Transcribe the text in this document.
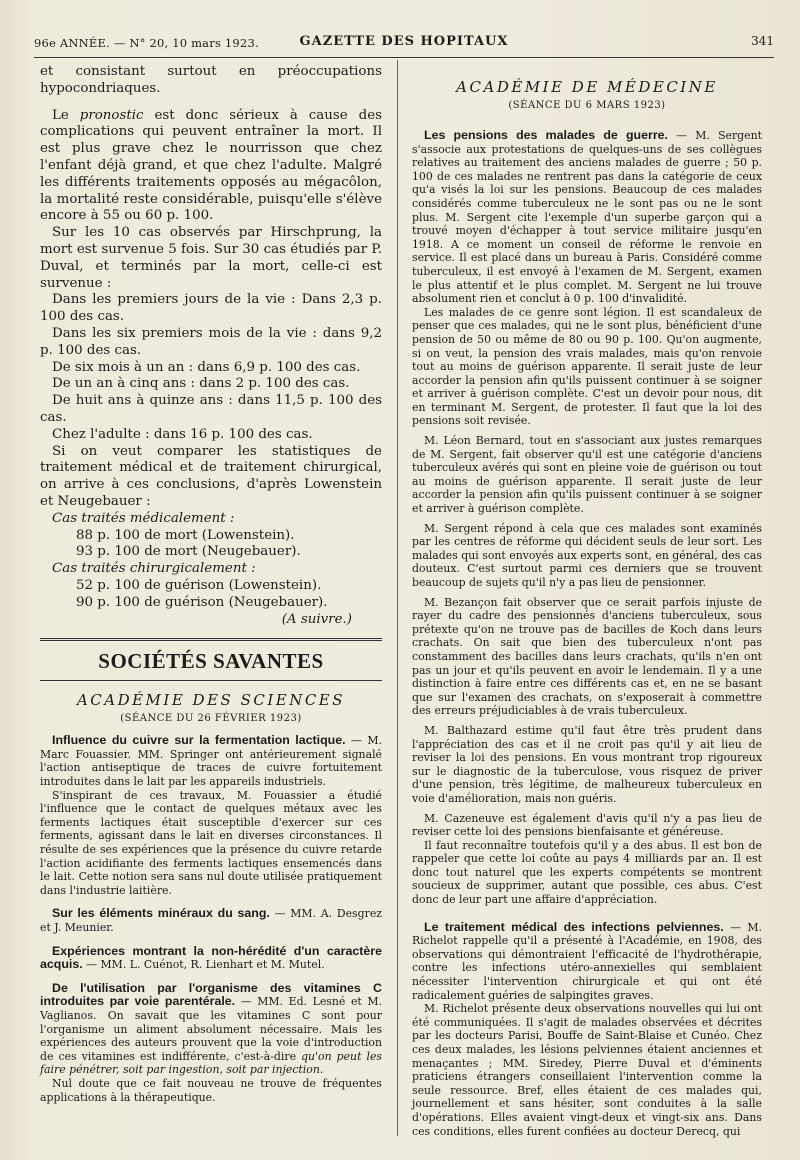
96e ANNÉE. — N° 20, 10 mars 1923.	GAZETTE DES HOPITAUX	341

et consistant surtout en préoccupations hypocondriaques.

Le pronostic est donc sérieux à cause des complications qui peuvent entraîner la mort. Il est plus grave chez le nourrisson que chez l'enfant déjà grand, et que chez l'adulte. Malgré les différents traitements opposés au mégacôlon, la mortalité reste considérable, puisqu'elle s'élève encore à 55 ou 60 p. 100.

Sur les 10 cas observés par Hirschprung, la mort est survenue 5 fois. Sur 30 cas étudiés par P. Duval, et terminés par la mort, celle-ci est survenue :

Dans les premiers jours de la vie : Dans 2,3 p. 100 des cas.

Dans les six premiers mois de la vie : dans 9,2 p. 100 des cas.

De six mois à un an : dans 6,9 p. 100 des cas.

De un an à cinq ans : dans 2 p. 100 des cas.

De huit ans à quinze ans : dans 11,5 p. 100 des cas.

Chez l'adulte : dans 16 p. 100 des cas.

Si on veut comparer les statistiques de traitement médical et de traitement chirurgical, on arrive à ces conclusions, d'après Lowenstein et Neugebauer :

Cas traités médicalement :

88 p. 100 de mort (Lowenstein).

93 p. 100 de mort (Neugebauer).

Cas traités chirurgicalement :

52 p. 100 de guérison (Lowenstein).

90 p. 100 de guérison (Neugebauer).

(A suivre.)

SOCIÉTÉS SAVANTES
ACADÉMIE DES SCIENCES
(SÉANCE DU 26 FÉVRIER 1923)

Influence du cuivre sur la fermentation lactique. — M. Marc Fouassier. MM. Springer ont antérieurement signalé l'action antiseptique de traces de cuivre fortuitement introduites dans le lait par les appareils industriels.

S'inspirant de ces travaux, M. Fouassier a étudié l'influence que le contact de quelques métaux avec les ferments lactiques était susceptible d'exercer sur ces ferments, agissant dans le lait en diverses circonstances. Il résulte de ses expériences que la présence du cuivre retarde l'action acidifiante des ferments lactiques ensemencés dans le lait. Cette notion sera sans nul doute utilisée pratiquement dans l'industrie laitière.

Sur les éléments minéraux du sang. — MM. A. Desgrez et J. Meunier.

Expériences montrant la non-hérédité d'un caractère acquis. — MM. L. Cuénot, R. Lienhart et M. Mutel.

De l'utilisation par l'organisme des vitamines C introduites par voie parentérale. — MM. Ed. Lesné et M. Vaglianos. On savait que les vitamines C sont pour l'organisme un aliment absolument nécessaire. Mais les expériences des auteurs prouvent que la voie d'introduction de ces vitamines est indifférente, c'est-à-dire qu'on peut les faire pénétrer, soit par ingestion, soit par injection.

Nul doute que ce fait nouveau ne trouve de fréquentes applications à la thérapeutique.

ACADÉMIE DE MÉDECINE
(SÉANCE DU 6 MARS 1923)

Les pensions des malades de guerre. — M. Sergent s'associe aux protestations de quelques-uns de ses collègues relatives au traitement des anciens malades de guerre ; 50 p. 100 de ces malades ne rentrent pas dans la catégorie de ceux qu'a visés la loi sur les pensions. Beaucoup de ces malades considérés comme tuberculeux ne le sont pas ou ne le sont plus. M. Sergent cite l'exemple d'un superbe garçon qui a trouvé moyen d'échapper à tout service militaire jusqu'en 1918. A ce moment un conseil de réforme le renvoie en service. Il est placé dans un bureau à Paris. Considéré comme tuberculeux, il est envoyé à l'examen de M. Sergent, examen le plus attentif et le plus complet. M. Sergent ne lui trouve absolument rien et conclut à 0 p. 100 d'invalidité.

Les malades de ce genre sont légion. Il est scandaleux de penser que ces malades, qui ne le sont plus, bénéficient d'une pension de 50 ou même de 80 ou 90 p. 100. Qu'on augmente, si on veut, la pension des vrais malades, mais qu'on renvoie tout au moins de guérison apparente. Il serait juste de leur accorder la pension afin qu'ils puissent continuer à se soigner et arriver à guérison complète. C'est un devoir pour nous, dit en terminant M. Sergent, de protester. Il faut que la loi des pensions soit revisée.

M. Léon Bernard, tout en s'associant aux justes remarques de M. Sergent, fait observer qu'il est une catégorie d'anciens tuberculeux avérés qui sont en pleine voie de guérison ou tout au moins de guérison apparente. Il serait juste de leur accorder la pension afin qu'ils puissent continuer à se soigner et arriver à guérison complète.

M. Sergent répond à cela que ces malades sont examinés par les centres de réforme qui décident seuls de leur sort. Les malades qui sont envoyés aux experts sont, en général, des cas douteux. C'est surtout parmi ces derniers que se trouvent beaucoup de sujets qu'il n'y a pas lieu de pensionner.

M. Bezançon fait observer que ce serait parfois injuste de rayer du cadre des pensionnés d'anciens tuberculeux, sous prétexte qu'on ne trouve pas de bacilles de Koch dans leurs crachats. On sait que bien des tuberculeux n'ont pas constamment des bacilles dans leurs crachats, qu'ils n'en ont pas un jour et qu'ils peuvent en avoir le lendemain. Il y a une distinction à faire entre ces différents cas et, en ne se basant que sur l'examen des crachats, on s'exposerait à commettre des erreurs préjudiciables à de vrais tuberculeux.

M. Balthazard estime qu'il faut être très prudent dans l'appréciation des cas et il ne croit pas qu'il y ait lieu de reviser la loi des pensions. En vous montrant trop rigoureux sur le diagnostic de la tuberculose, vous risquez de priver d'une pension, très légitime, de malheureux tuberculeux en voie d'amélioration, mais non guéris.

M. Cazeneuve est également d'avis qu'il n'y a pas lieu de reviser cette loi des pensions bienfaisante et généreuse.

Il faut reconnaître toutefois qu'il y a des abus. Il est bon de rappeler que cette loi coûte au pays 4 milliards par an. Il est donc tout naturel que les experts compétents se montrent soucieux de supprimer, autant que possible, ces abus. C'est donc de leur part une affaire d'appréciation.

Le traitement médical des infections pelviennes. — M. Richelot rappelle qu'il a présenté à l'Académie, en 1908, des observations qui démontraient l'efficacité de l'hydrothérapie, contre les infections utéro-annexielles qui semblaient nécessiter l'intervention chirurgicale et qui ont été radicalement guéries de salpingites graves.

M. Richelot présente deux observations nouvelles qui lui ont été communiquées. Il s'agit de malades observées et décrites par les docteurs Parisi, Bouffe de Saint-Blaise et Cunéo. Chez ces deux malades, les lésions pelviennes étaient anciennes et menaçantes ; MM. Siredey, Pierre Duval et d'éminents praticiens étrangers conseillaient l'intervention comme la seule ressource. Bref, elles étaient de ces malades qui, journellement et sans hésiter, sont conduites à la salle d'opérations. Elles avaient vingt-deux et vingt-six ans. Dans ces conditions, elles furent confiées au docteur Derecq, qui
